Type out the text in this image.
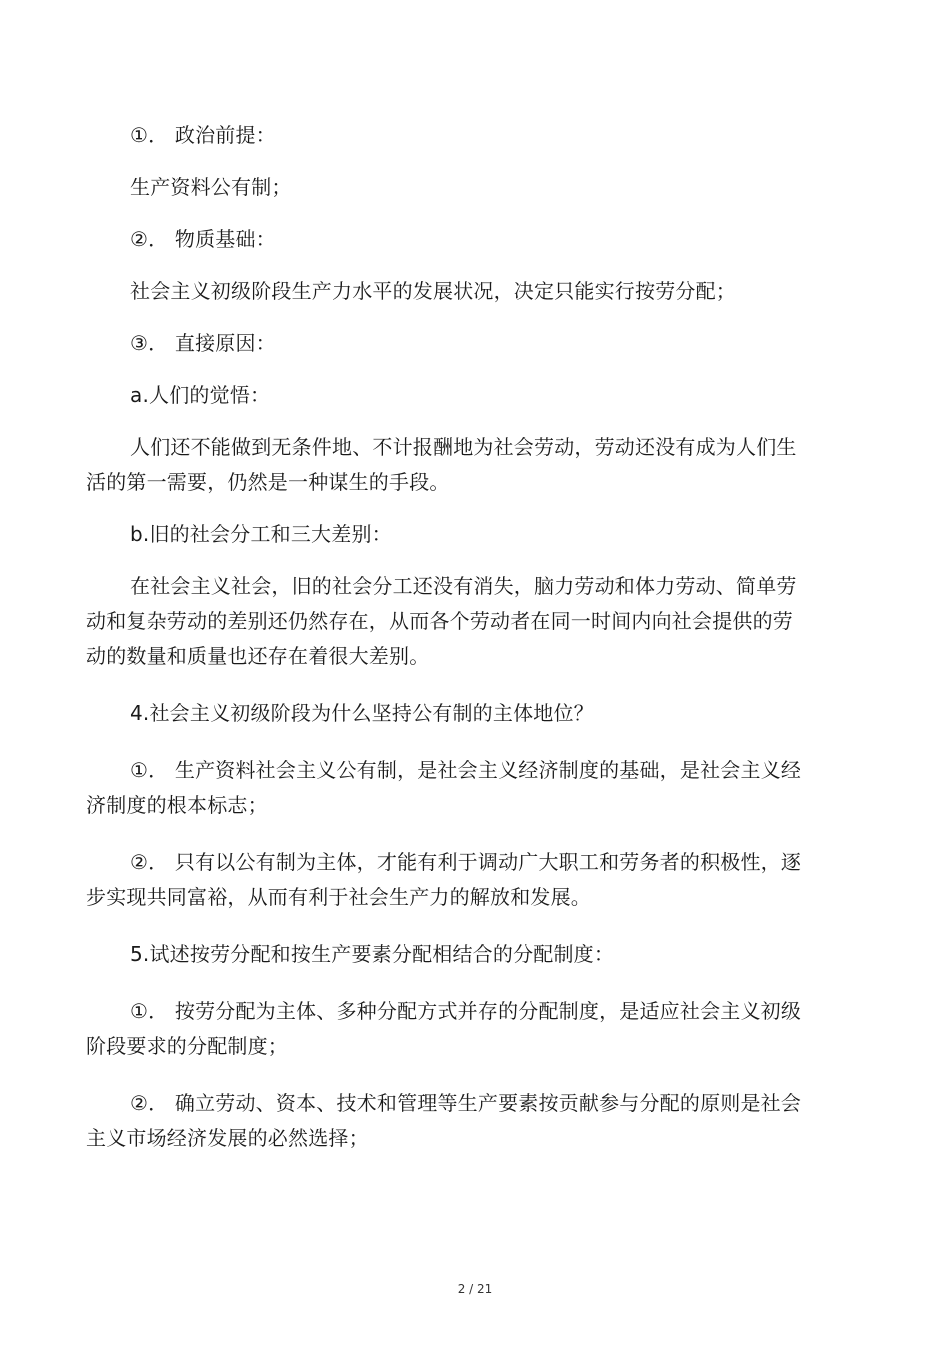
①． 政治前提：

生产资料公有制；

②． 物质基础：

社会主义初级阶段生产力水平的发展状况，决定只能实行按劳分配；

③． 直接原因：

a.人们的觉悟：

人们还不能做到无条件地、不计报酬地为社会劳动，劳动还没有成为人们生活的第一需要，仍然是一种谋生的手段。

b.旧的社会分工和三大差别：

在社会主义社会，旧的社会分工还没有消失，脑力劳动和体力劳动、简单劳动和复杂劳动的差别还仍然存在，从而各个劳动者在同一时间内向社会提供的劳动的数量和质量也还存在着很大差别。

4.社会主义初级阶段为什么坚持公有制的主体地位？

①． 生产资料社会主义公有制，是社会主义经济制度的基础，是社会主义经济制度的根本标志；

②． 只有以公有制为主体，才能有利于调动广大职工和劳务者的积极性，逐步实现共同富裕，从而有利于社会生产力的解放和发展。

5.试述按劳分配和按生产要素分配相结合的分配制度：

①． 按劳分配为主体、多种分配方式并存的分配制度，是适应社会主义初级阶段要求的分配制度；

②． 确立劳动、资本、技术和管理等生产要素按贡献参与分配的原则是社会主义市场经济发展的必然选择；

2 / 21
